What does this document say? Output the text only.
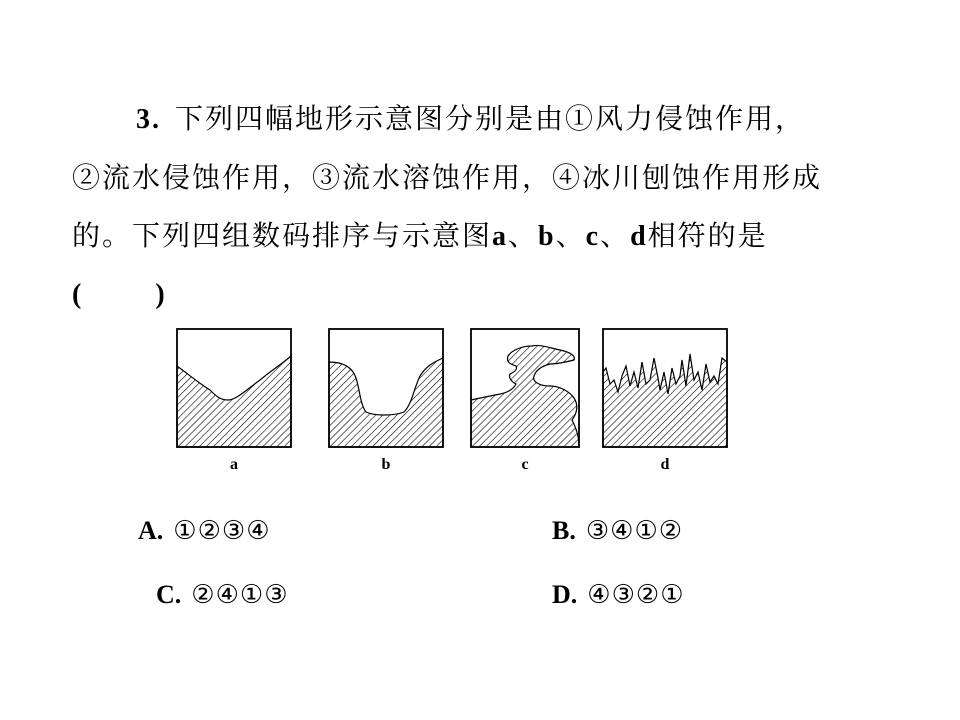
3. 下列四幅地形示意图分别是由①风力侵蚀作用，
②流水侵蚀作用，③流水溶蚀作用，④冰川刨蚀作用形成
的。下列四组数码排序与示意图a、b、c、d相符的是
(        )
a	b	c	d
A. ①②③④	B. ③④①②
C. ②④①③	D. ④③②①
